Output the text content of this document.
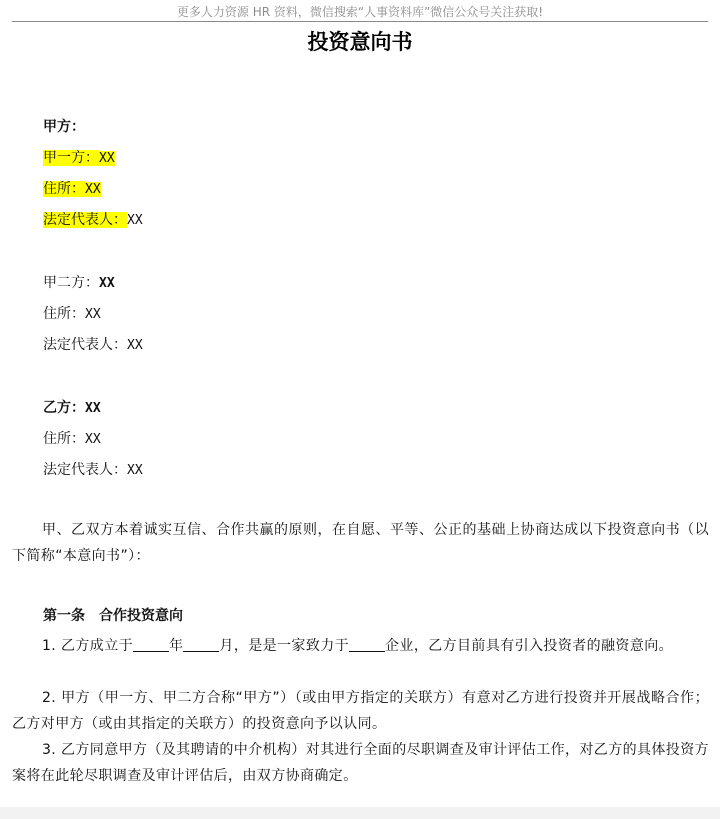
更多人力资源 HR 资料，微信搜索“人事资料库”微信公众号关注获取!
投资意向书
甲方：
甲一方：XX
住所：XX
法定代表人：XX
甲二方：XX
住所：XX
法定代表人：XX
乙方：XX
住所：XX
法定代表人：XX
甲、乙双方本着诚实互信、合作共赢的原则，在自愿、平等、公正的基础上协商达成以下投资意向书（以下简称“本意向书”）：
第一条　合作投资意向
1. 乙方成立于	年	月，是是一家致力于	企业，乙方目前具有引入投资者的融资意向。
2. 甲方（甲一方、甲二方合称“甲方”）（或由甲方指定的关联方）有意对乙方进行投资并开展战略合作；乙方对甲方（或由其指定的关联方）的投资意向予以认同。
3. 乙方同意甲方（及其聘请的中介机构）对其进行全面的尽职调查及审计评估工作，对乙方的具体投资方案将在此轮尽职调查及审计评估后，由双方协商确定。
